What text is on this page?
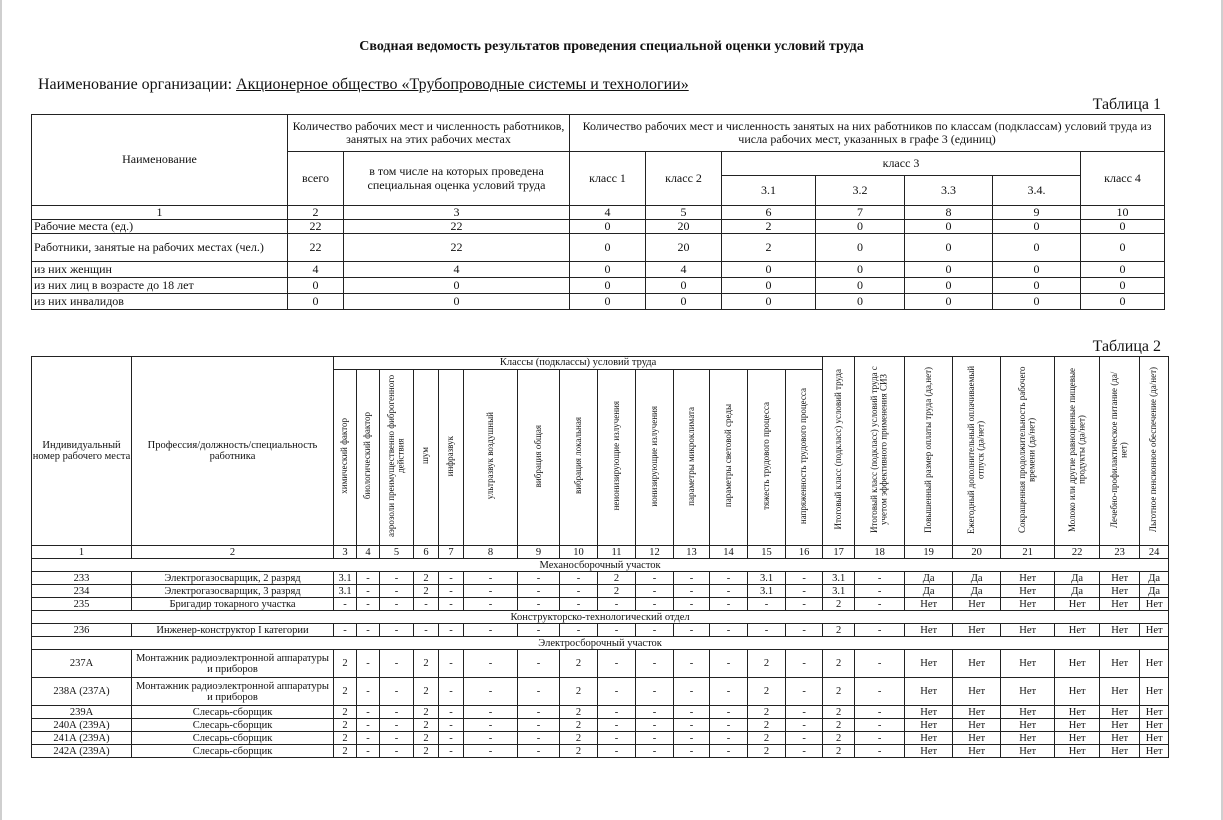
Сводная ведомость результатов проведения специальной оценки условий труда
Наименование организации: Акционерное общество «Трубопроводные системы и технологии»
Таблица 1
Наименование	Количество рабочих мест и численность работников, занятых на этих рабочих местах		Количество рабочих мест и численность занятых на них работников по классам (подклассам) условий труда из числа рабочих мест, указанных в графе 3 (единиц)						
	всего	в том числе на которых проведена специальная оценка условий труда	класс 1	класс 2	класс 3				класс 4
					3.1	3.2	3.3	3.4.	
1	2	3	4	5	6	7	8	9	10
Рабочие места (ед.)	22	22	0	20	2	0	0	0	0
Работники, занятые на рабочих местах (чел.)	22	22	0	20	2	0	0	0	0
из них женщин	4	4	0	4	0	0	0	0	0
из них лиц в возрасте до 18 лет	0	0	0	0	0	0	0	0	0
из них инвалидов	0	0	0	0	0	0	0	0	0
Таблица 2
Индивидуальный номер рабочего места	Профессия/должность/специальность работника	Классы (подклассы) условий труда														Итоговый класс (подкласс) условий труда	Итоговый класс (подкласс) условий труда с учетом эффективного применения СИЗ	Повышенный размер оплаты труда (да,нет)	Ежегодный дополнительный оплачиваемый отпуск (да/нет)	Сокращенная продолжительность рабочего времени (да/нет)	Молоко или другие равноценные пищевые продукты (да/нет)	Лечебно-профилактическое питание (да/нет)	Льготное пенсионное обеспечение (да/нет)
		химический фактор	биологический фактор	аэрозоли преимущественно фиброгенного действия	шум	инфразвук	ультразвук воздушный	вибрация общая	вибрация локальная	неионизирующие излучения	ионизирующие излучения	параметры микроклимата	параметры световой среды	тяжесть трудового процесса	напряженность трудового процесса								
1	2	3	4	5	6	7	8	9	10	11	12	13	14	15	16	17	18	19	20	21	22	23	24
Механосборочный участок																							
233	Электрогазосварщик, 2 разряд	3.1	-	-	2	-	-	-	-	2	-	-	-	3.1	-	3.1	-	Да	Да	Нет	Да	Нет	Да
234	Электрогазосварщик, 3 разряд	3.1	-	-	2	-	-	-	-	2	-	-	-	3.1	-	3.1	-	Да	Да	Нет	Да	Нет	Да
235	Бригадир токарного участка	-	-	-	-	-	-	-	-	-	-	-	-	-	-	2	-	Нет	Нет	Нет	Нет	Нет	Нет
Конструкторско-технологический отдел																							
236	Инженер-конструктор I категории	-	-	-	-	-	-	-	-	-	-	-	-	-	-	2	-	Нет	Нет	Нет	Нет	Нет	Нет
Электросборочный участок																							
237А	Монтажник радиоэлектронной аппаратуры и приборов	2	-	-	2	-	-	-	2	-	-	-	-	2	-	2	-	Нет	Нет	Нет	Нет	Нет	Нет
238А (237А)	Монтажник радиоэлектронной аппаратуры и приборов	2	-	-	2	-	-	-	2	-	-	-	-	2	-	2	-	Нет	Нет	Нет	Нет	Нет	Нет
239А	Слесарь-сборщик	2	-	-	2	-	-	-	2	-	-	-	-	2	-	2	-	Нет	Нет	Нет	Нет	Нет	Нет
240А (239А)	Слесарь-сборщик	2	-	-	2	-	-	-	2	-	-	-	-	2	-	2	-	Нет	Нет	Нет	Нет	Нет	Нет
241А (239А)	Слесарь-сборщик	2	-	-	2	-	-	-	2	-	-	-	-	2	-	2	-	Нет	Нет	Нет	Нет	Нет	Нет
242А (239А)	Слесарь-сборщик	2	-	-	2	-	-	-	2	-	-	-	-	2	-	2	-	Нет	Нет	Нет	Нет	Нет	Нет
